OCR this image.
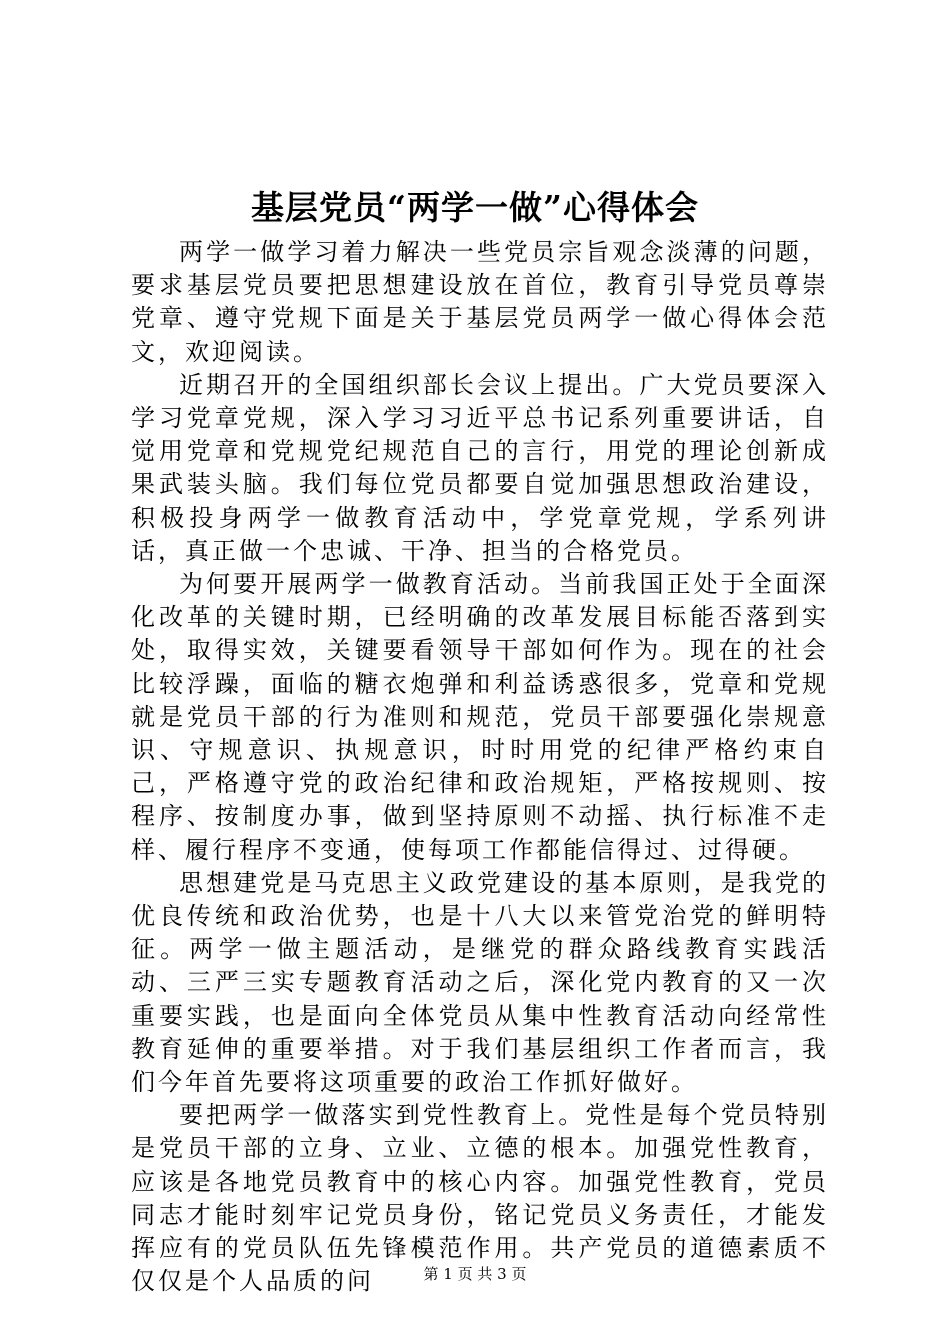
基层党员“两学一做”心得体会

两学一做学习着力解决一些党员宗旨观念淡薄的问题，要求基层党员要把思想建设放在首位，教育引导党员尊崇党章、遵守党规下面是关于基层党员两学一做心得体会范文，欢迎阅读。

近期召开的全国组织部长会议上提出。广大党员要深入学习党章党规，深入学习习近平总书记系列重要讲话，自觉用党章和党规党纪规范自己的言行，用党的理论创新成果武装头脑。我们每位党员都要自觉加强思想政治建设，积极投身两学一做教育活动中，学党章党规，学系列讲话，真正做一个忠诚、干净、担当的合格党员。

为何要开展两学一做教育活动。当前我国正处于全面深化改革的关键时期，已经明确的改革发展目标能否落到实处，取得实效，关键要看领导干部如何作为。现在的社会比较浮躁，面临的糖衣炮弹和利益诱惑很多，党章和党规就是党员干部的行为准则和规范，党员干部要强化崇规意识、守规意识、执规意识，时时用党的纪律严格约束自己，严格遵守党的政治纪律和政治规矩，严格按规则、按程序、按制度办事，做到坚持原则不动摇、执行标准不走样、履行程序不变通，使每项工作都能信得过、过得硬。

思想建党是马克思主义政党建设的基本原则，是我党的优良传统和政治优势，也是十八大以来管党治党的鲜明特征。两学一做主题活动，是继党的群众路线教育实践活动、三严三实专题教育活动之后，深化党内教育的又一次重要实践，也是面向全体党员从集中性教育活动向经常性教育延伸的重要举措。对于我们基层组织工作者而言，我们今年首先要将这项重要的政治工作抓好做好。

要把两学一做落实到党性教育上。党性是每个党员特别是党员干部的立身、立业、立德的根本。加强党性教育，应该是各地党员教育中的核心内容。加强党性教育，党员同志才能时刻牢记党员身份，铭记党员义务责任，才能发挥应有的党员队伍先锋模范作用。共产党员的道德素质不仅仅是个人品质的问	第 1 页 共 3 页
